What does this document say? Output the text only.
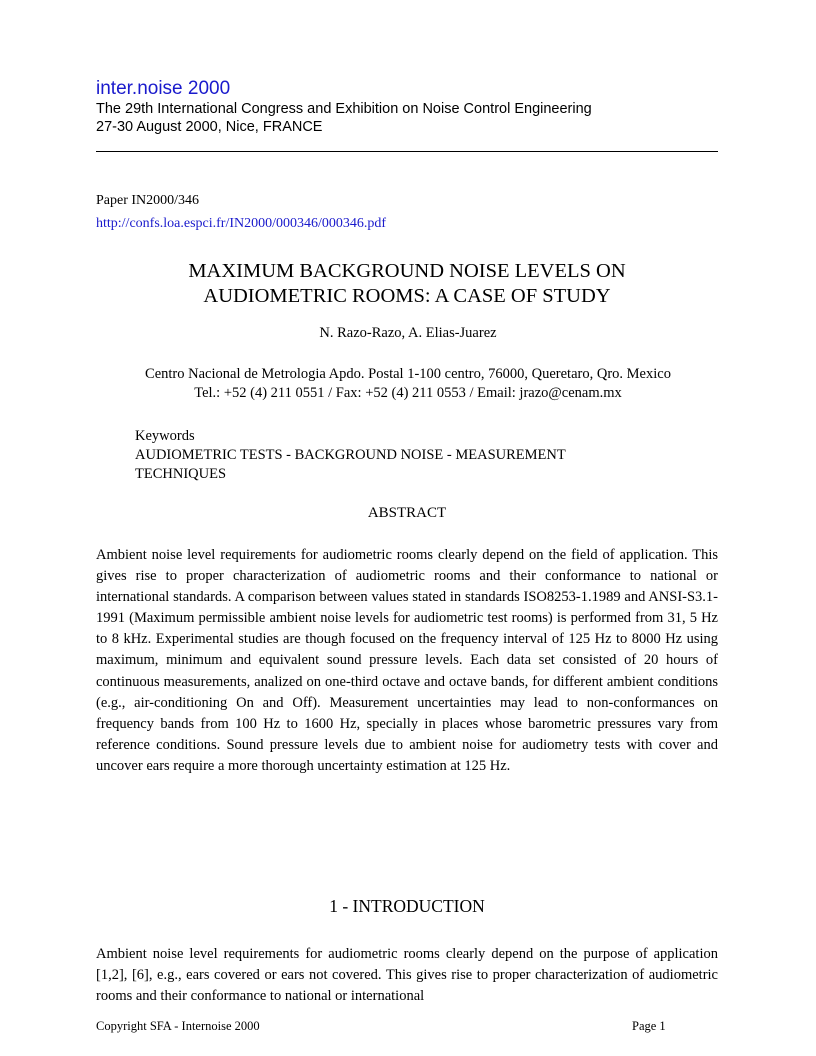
inter.noise 2000
The 29th International Congress and Exhibition on Noise Control Engineering
27-30 August 2000, Nice, FRANCE
Paper IN2000/346
http://confs.loa.espci.fr/IN2000/000346/000346.pdf
MAXIMUM BACKGROUND NOISE LEVELS ON
AUDIOMETRIC ROOMS: A CASE OF STUDY
N. Razo-Razo, A. Elias-Juarez
Centro Nacional de Metrologia Apdo. Postal 1-100 centro, 76000, Queretaro, Qro. Mexico
Tel.: +52 (4) 211 0551 / Fax: +52 (4) 211 0553 / Email: jrazo@cenam.mx
Keywords
AUDIOMETRIC TESTS - BACKGROUND NOISE - MEASUREMENT
TECHNIQUES
ABSTRACT

Ambient noise level requirements for audiometric rooms clearly depend on the field of application. This gives rise to proper characterization of audiometric rooms and their conformance to national or international standards. A comparison between values stated in standards ISO8253-1.1989 and ANSI-S3.1-1991 (Maximum permissible ambient noise levels for audiometric test rooms) is performed from 31, 5 Hz to 8 kHz. Experimental studies are though focused on the frequency interval of 125 Hz to 8000 Hz using maximum, minimum and equivalent sound pressure levels. Each data set consisted of 20 hours of continuous measurements, analized on one-third octave and octave bands, for different ambient conditions (e.g., air-conditioning On and Off). Measurement uncertainties may lead to non-conformances on frequency bands from 100 Hz to 1600 Hz, specially in places whose barometric pressures vary from reference conditions. Sound pressure levels due to ambient noise for audiometry tests with cover and uncover ears require a more thorough uncertainty estimation at 125 Hz.

1 - INTRODUCTION

Ambient noise level requirements for audiometric rooms clearly depend on the purpose of application [1,2], [6], e.g., ears covered or ears not covered. This gives rise to proper characterization of audiometric rooms and their conformance to national or international

Copyright SFA - Internoise 2000	Page 1
